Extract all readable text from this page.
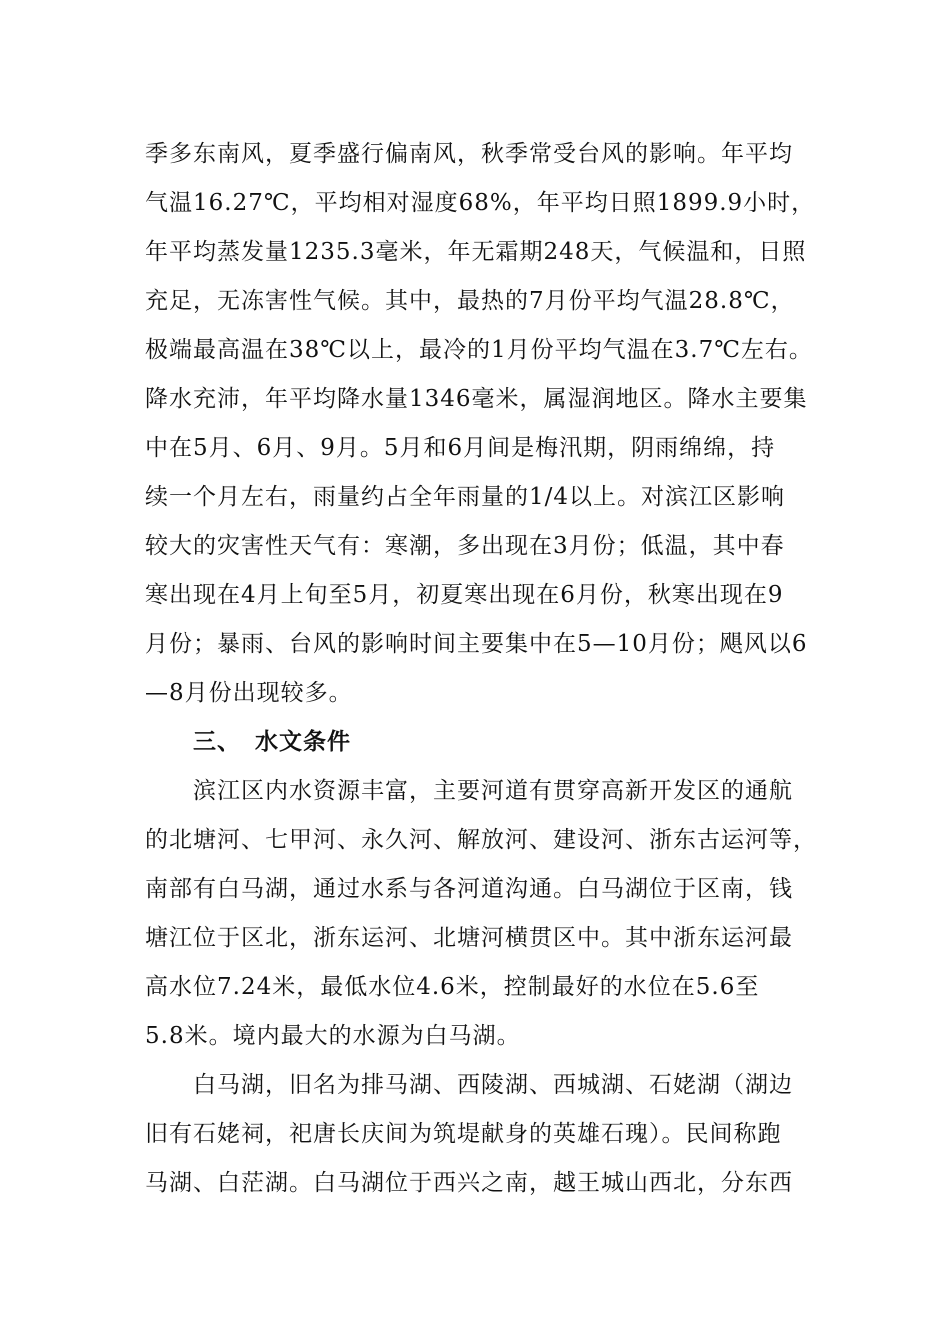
季多东南风，夏季盛行偏南风，秋季常受台风的影响。年平均
气温16.27℃，平均相对湿度68%，年平均日照1899.9小时，
年平均蒸发量1235.3毫米，年无霜期248天，气候温和，日照
充足，无冻害性气候。其中，最热的7月份平均气温28.8℃，
极端最高温在38℃以上，最冷的1月份平均气温在3.7℃左右。
降水充沛，年平均降水量1346毫米，属湿润地区。降水主要集
中在5月、6月、9月。5月和6月间是梅汛期，阴雨绵绵，持
续一个月左右，雨量约占全年雨量的1/4以上。对滨江区影响
较大的灾害性天气有：寒潮，多出现在3月份；低温，其中春
寒出现在4月上旬至5月，初夏寒出现在6月份，秋寒出现在9
月份；暴雨、台风的影响时间主要集中在5—10月份；飓风以6
—8月份出现较多。
三、 水文条件
滨江区内水资源丰富，主要河道有贯穿高新开发区的通航
的北塘河、七甲河、永久河、解放河、建设河、浙东古运河等，
南部有白马湖，通过水系与各河道沟通。白马湖位于区南，钱
塘江位于区北，浙东运河、北塘河横贯区中。其中浙东运河最
高水位7.24米，最低水位4.6米，控制最好的水位在5.6至
5.8米。境内最大的水源为白马湖。
白马湖，旧名为排马湖、西陵湖、西城湖、石姥湖（湖边
旧有石姥祠，祀唐长庆间为筑堤献身的英雄石瑰）。民间称跑
马湖、白茫湖。白马湖位于西兴之南，越王城山西北，分东西
